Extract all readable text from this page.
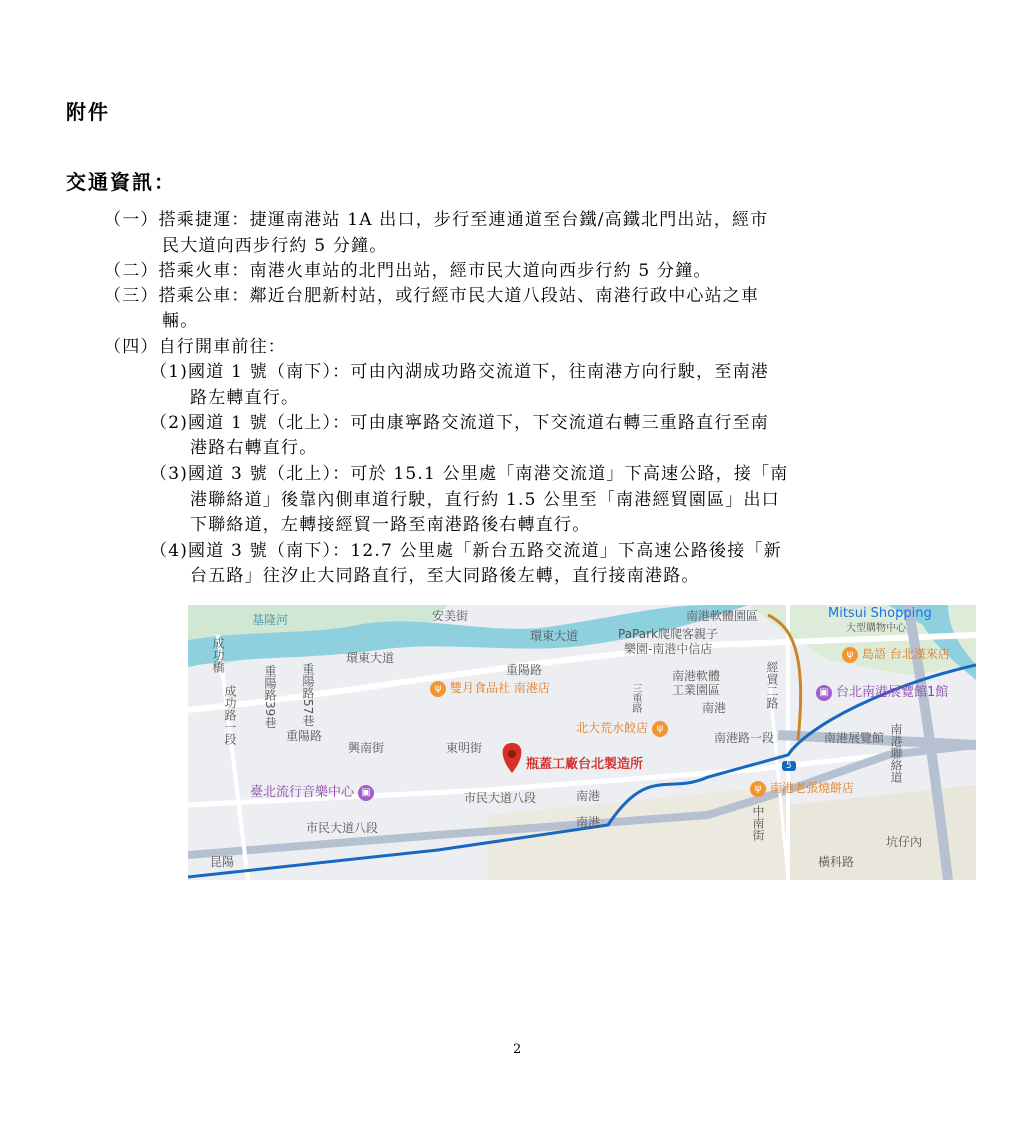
附件
交通資訊：
（一）搭乘捷運：捷運南港站 1A 出口，步行至連通道至台鐵/高鐵北門出站，經市
民大道向西步行約 5 分鐘。
（二）搭乘火車：南港火車站的北門出站，經市民大道向西步行約 5 分鐘。
（三）搭乘公車：鄰近台肥新村站，或行經市民大道八段站、南港行政中心站之車
輛。
（四）自行開車前往：
（1)國道 1 號（南下）：可由內湖成功路交流道下，往南港方向行駛，至南港
路左轉直行。
（2)國道 1 號（北上）：可由康寧路交流道下，下交流道右轉三重路直行至南
港路右轉直行。
（3)國道 3 號（北上）：可於 15.1 公里處「南港交流道」下高速公路，接「南
港聯絡道」後靠內側車道行駛，直行約 1.5 公里至「南港經貿園區」出口
下聯絡道，左轉接經貿一路至南港路後右轉直行。
（4)國道 3 號（南下）：12.7 公里處「新台五路交流道」下高速公路後接「新
台五路」往汐止大同路直行，至大同路後左轉，直行接南港路。
基隆河	安美街	南港軟體園區	Mitsui Shopping
大型購物中心
PaPark爬爬客親子
樂園-南港中信店
環東大道
環東大道
成功橋
重陽路39巷 重陽路57巷	重陽路
重陽路
成功路一段
興南街	東明街
三重路
ψ 雙月食品社 南港店
北大荒水餃店 ψ
南港軟體
工業園區
南港
南港路一段	南港展覽館
ψ 島語 台北漢來店
▣ 台北南港展覽館1館
經貿二路
南港聯絡道
瓶蓋工廠台北製造所
臺北流行音樂中心 ▣	市民大道八段
市民大道八段
南港
南港	中南街
ψ 南港老張燒餅店
昆陽
坑仔內
橫科路
5
2
